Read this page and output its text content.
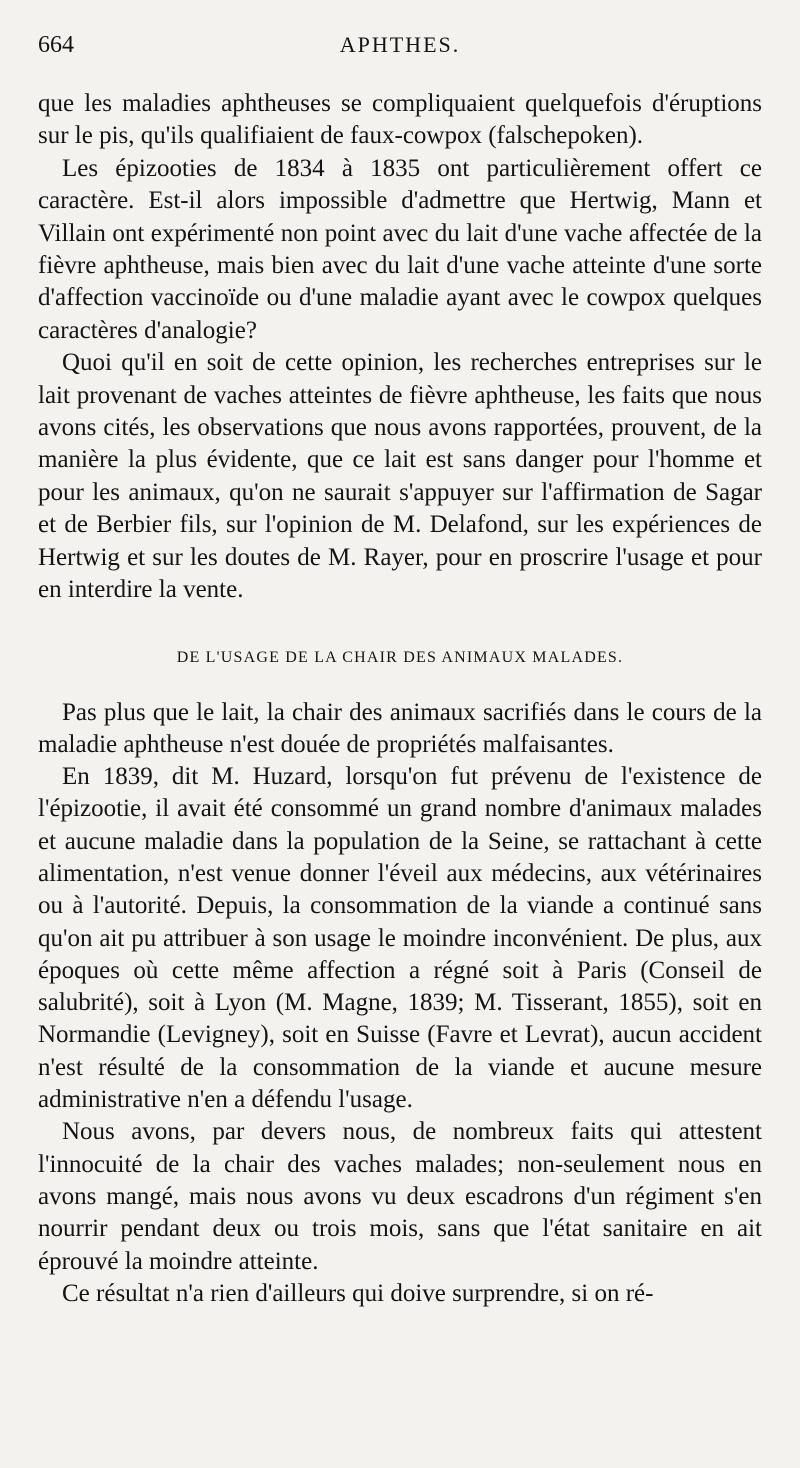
664	APHTHES.

que les maladies aphtheuses se compliquaient quelquefois d'éruptions sur le pis, qu'ils qualifiaient de faux-cowpox (falschepoken).

Les épizooties de 1834 à 1835 ont particulièrement offert ce caractère. Est-il alors impossible d'admettre que Hertwig, Mann et Villain ont expérimenté non point avec du lait d'une vache affectée de la fièvre aphtheuse, mais bien avec du lait d'une vache atteinte d'une sorte d'affection vaccinoïde ou d'une maladie ayant avec le cowpox quelques caractères d'analogie?

Quoi qu'il en soit de cette opinion, les recherches entreprises sur le lait provenant de vaches atteintes de fièvre aphtheuse, les faits que nous avons cités, les observations que nous avons rapportées, prouvent, de la manière la plus évidente, que ce lait est sans danger pour l'homme et pour les animaux, qu'on ne saurait s'appuyer sur l'affirmation de Sagar et de Berbier fils, sur l'opinion de M. Delafond, sur les expériences de Hertwig et sur les doutes de M. Rayer, pour en proscrire l'usage et pour en interdire la vente.

DE L'USAGE DE LA CHAIR DES ANIMAUX MALADES.

Pas plus que le lait, la chair des animaux sacrifiés dans le cours de la maladie aphtheuse n'est douée de propriétés malfaisantes.

En 1839, dit M. Huzard, lorsqu'on fut prévenu de l'existence de l'épizootie, il avait été consommé un grand nombre d'animaux malades et aucune maladie dans la population de la Seine, se rattachant à cette alimentation, n'est venue donner l'éveil aux médecins, aux vétérinaires ou à l'autorité. Depuis, la consommation de la viande a continué sans qu'on ait pu attribuer à son usage le moindre inconvénient. De plus, aux époques où cette même affection a régné soit à Paris (Conseil de salubrité), soit à Lyon (M. Magne, 1839; M. Tisserant, 1855), soit en Normandie (Levigney), soit en Suisse (Favre et Levrat), aucun accident n'est résulté de la consommation de la viande et aucune mesure administrative n'en a défendu l'usage.

Nous avons, par devers nous, de nombreux faits qui attestent l'innocuité de la chair des vaches malades; non-seulement nous en avons mangé, mais nous avons vu deux escadrons d'un régiment s'en nourrir pendant deux ou trois mois, sans que l'état sanitaire en ait éprouvé la moindre atteinte.

Ce résultat n'a rien d'ailleurs qui doive surprendre, si on ré-
